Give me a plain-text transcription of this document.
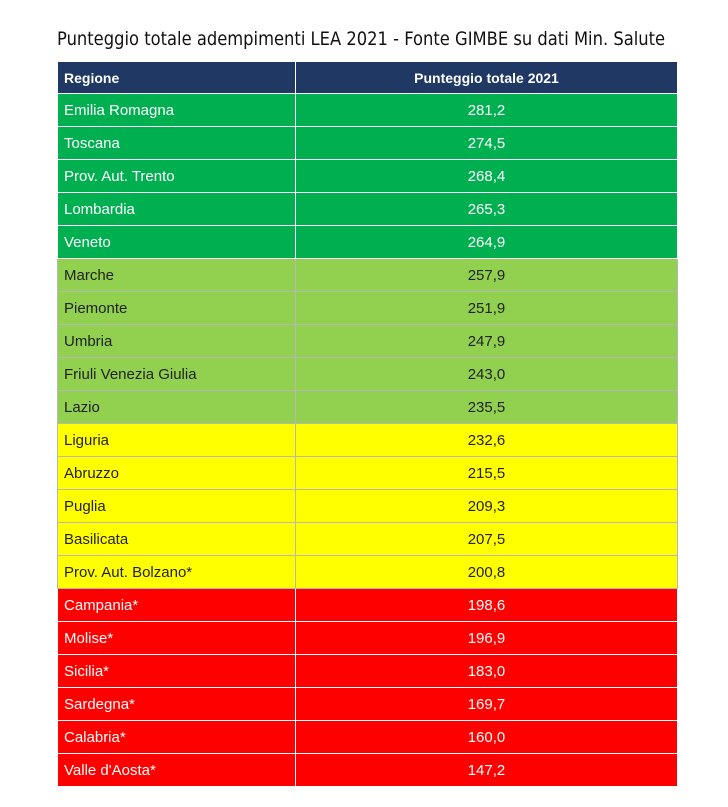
Punteggio totale adempimenti LEA 2021 - Fonte GIMBE su dati Min. Salute
Regione	Punteggio totale 2021
Emilia Romagna	281,2
Toscana	274,5
Prov. Aut. Trento	268,4
Lombardia	265,3
Veneto	264,9
Marche	257,9
Piemonte	251,9
Umbria	247,9
Friuli Venezia Giulia	243,0
Lazio	235,5
Liguria	232,6
Abruzzo	215,5
Puglia	209,3
Basilicata	207,5
Prov. Aut. Bolzano*	200,8
Campania*	198,6
Molise*	196,9
Sicilia*	183,0
Sardegna*	169,7
Calabria*	160,0
Valle d'Aosta*	147,2
